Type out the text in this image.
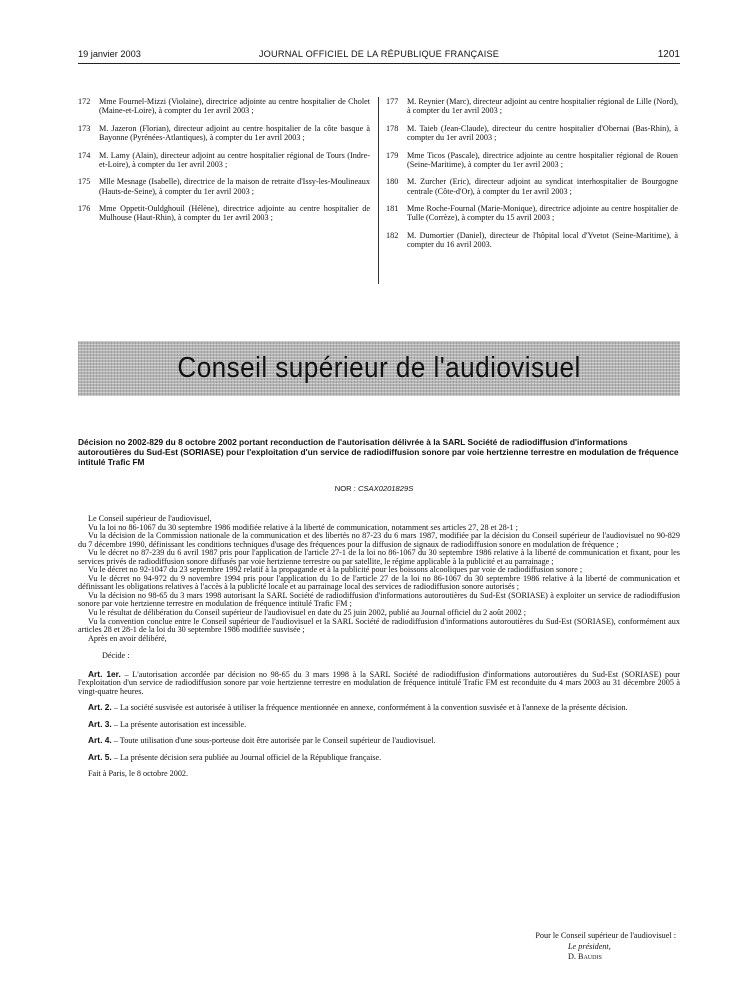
19 janvier 2003	JOURNAL OFFICIEL DE LA RÉPUBLIQUE FRANÇAISE	1201
172	Mme Fournel-Mizzi (Violaine), directrice adjointe au centre hospitalier de Cholet (Maine-et-Loire), à compter du 1er avril 2003 ;
173	M. Jazeron (Florian), directeur adjoint au centre hospitalier de la côte basque à Bayonne (Pyrénées-Atlantiques), à compter du 1er avril 2003 ;
174	M. Lamy (Alain), directeur adjoint au centre hospitalier régional de Tours (Indre-et-Loire), à compter du 1er avril 2003 ;
175	Mlle Mesnage (Isabelle), directrice de la maison de retraite d'Issy-les-Moulineaux (Hauts-de-Seine), à compter du 1er avril 2003 ;
176	Mme Oppetit-Ouldghouil (Hélène), directrice adjointe au centre hospitalier de Mulhouse (Haut-Rhin), à compter du 1er avril 2003 ;
177	M. Reynier (Marc), directeur adjoint au centre hospitalier régional de Lille (Nord), à compter du 1er avril 2003 ;
178	M. Taieb (Jean-Claude), directeur du centre hospitalier d'Obernai (Bas-Rhin), à compter du 1er avril 2003 ;
179	Mme Ticos (Pascale), directrice adjointe au centre hospitalier régional de Rouen (Seine-Maritime), à compter du 1er avril 2003 ;
180	M. Zurcher (Eric), directeur adjoint au syndicat interhospitalier de Bourgogne centrale (Côte-d'Or), à compter du 1er avril 2003 ;
181	Mme Roche-Fournal (Marie-Monique), directrice adjointe au centre hospitalier de Tulle (Corrèze), à compter du 15 avril 2003 ;
182	M. Dumortier (Daniel), directeur de l'hôpital local d'Yvetot (Seine-Maritime), à compter du 16 avril 2003.
Conseil supérieur de l'audiovisuel
Décision no 2002-829 du 8 octobre 2002 portant reconduction de l'autorisation délivrée à la SARL Société de radiodiffusion d'informations autoroutières du Sud-Est (SORIASE) pour l'exploitation d'un service de radiodiffusion sonore par voie hertzienne terrestre en modulation de fréquence intitulé Trafic FM
NOR : CSAX0201829S

Le Conseil supérieur de l'audiovisuel,

Vu la loi no 86-1067 du 30 septembre 1986 modifiée relative à la liberté de communication, notamment ses articles 27, 28 et 28-1 ;

Vu la décision de la Commission nationale de la communication et des libertés no 87-23 du 6 mars 1987, modifiée par la décision du Conseil supérieur de l'audiovisuel no 90-829 du 7 décembre 1990, définissant les conditions techniques d'usage des fréquences pour la diffusion de signaux de radiodiffusion sonore en modulation de fréquence ;

Vu le décret no 87-239 du 6 avril 1987 pris pour l'application de l'article 27-1 de la loi no 86-1067 du 30 septembre 1986 relative à la liberté de communication et fixant, pour les services privés de radiodiffusion sonore diffusés par voie hertzienne terrestre ou par satellite, le régime applicable à la publicité et au parrainage ;

Vu le décret no 92-1047 du 23 septembre 1992 relatif à la propagande et à la publicité pour les boissons alcooliques par voie de radiodiffusion sonore ;

Vu le décret no 94-972 du 9 novembre 1994 pris pour l'application du 1o de l'article 27 de la loi no 86-1067 du 30 septembre 1986 relative à la liberté de communication et définissant les obligations relatives à l'accès à la publicité locale et au parrainage local des services de radiodiffusion sonore autorisés ;

Vu la décision no 98-65 du 3 mars 1998 autorisant la SARL Société de radiodiffusion d'informations autoroutières du Sud-Est (SORIASE) à exploiter un service de radiodiffusion sonore par voie hertzienne terrestre en modulation de fréquence intitulé Trafic FM ;

Vu le résultat de délibération du Conseil supérieur de l'audiovisuel en date du 25 juin 2002, publié au Journal officiel du 2 août 2002 ;

Vu la convention conclue entre le Conseil supérieur de l'audiovisuel et la SARL Société de radiodiffusion d'informations autoroutières du Sud-Est (SORIASE), conformément aux articles 28 et 28-1 de la loi du 30 septembre 1986 modifiée susvisée ;

Après en avoir délibéré,

Décide :

Art. 1er. – L'autorisation accordée par décision no 98-65 du 3 mars 1998 à la SARL Société de radiodiffusion d'informations autoroutières du Sud-Est (SORIASE) pour l'exploitation d'un service de radiodiffusion sonore par voie hertzienne terrestre en modulation de fréquence intitulé Trafic FM est reconduite du 4 mars 2003 au 31 décembre 2005 à vingt-quatre heures.

Art. 2. – La société susvisée est autorisée à utiliser la fréquence mentionnée en annexe, conformément à la convention susvisée et à l'annexe de la présente décision.

Art. 3. – La présente autorisation est incessible.

Art. 4. – Toute utilisation d'une sous-porteuse doit être autorisée par le Conseil supérieur de l'audiovisuel.

Art. 5. – La présente décision sera publiée au Journal officiel de la République française.

Fait à Paris, le 8 octobre 2002.

Pour le Conseil supérieur de l'audiovisuel :
Le président,
D. Baudis
